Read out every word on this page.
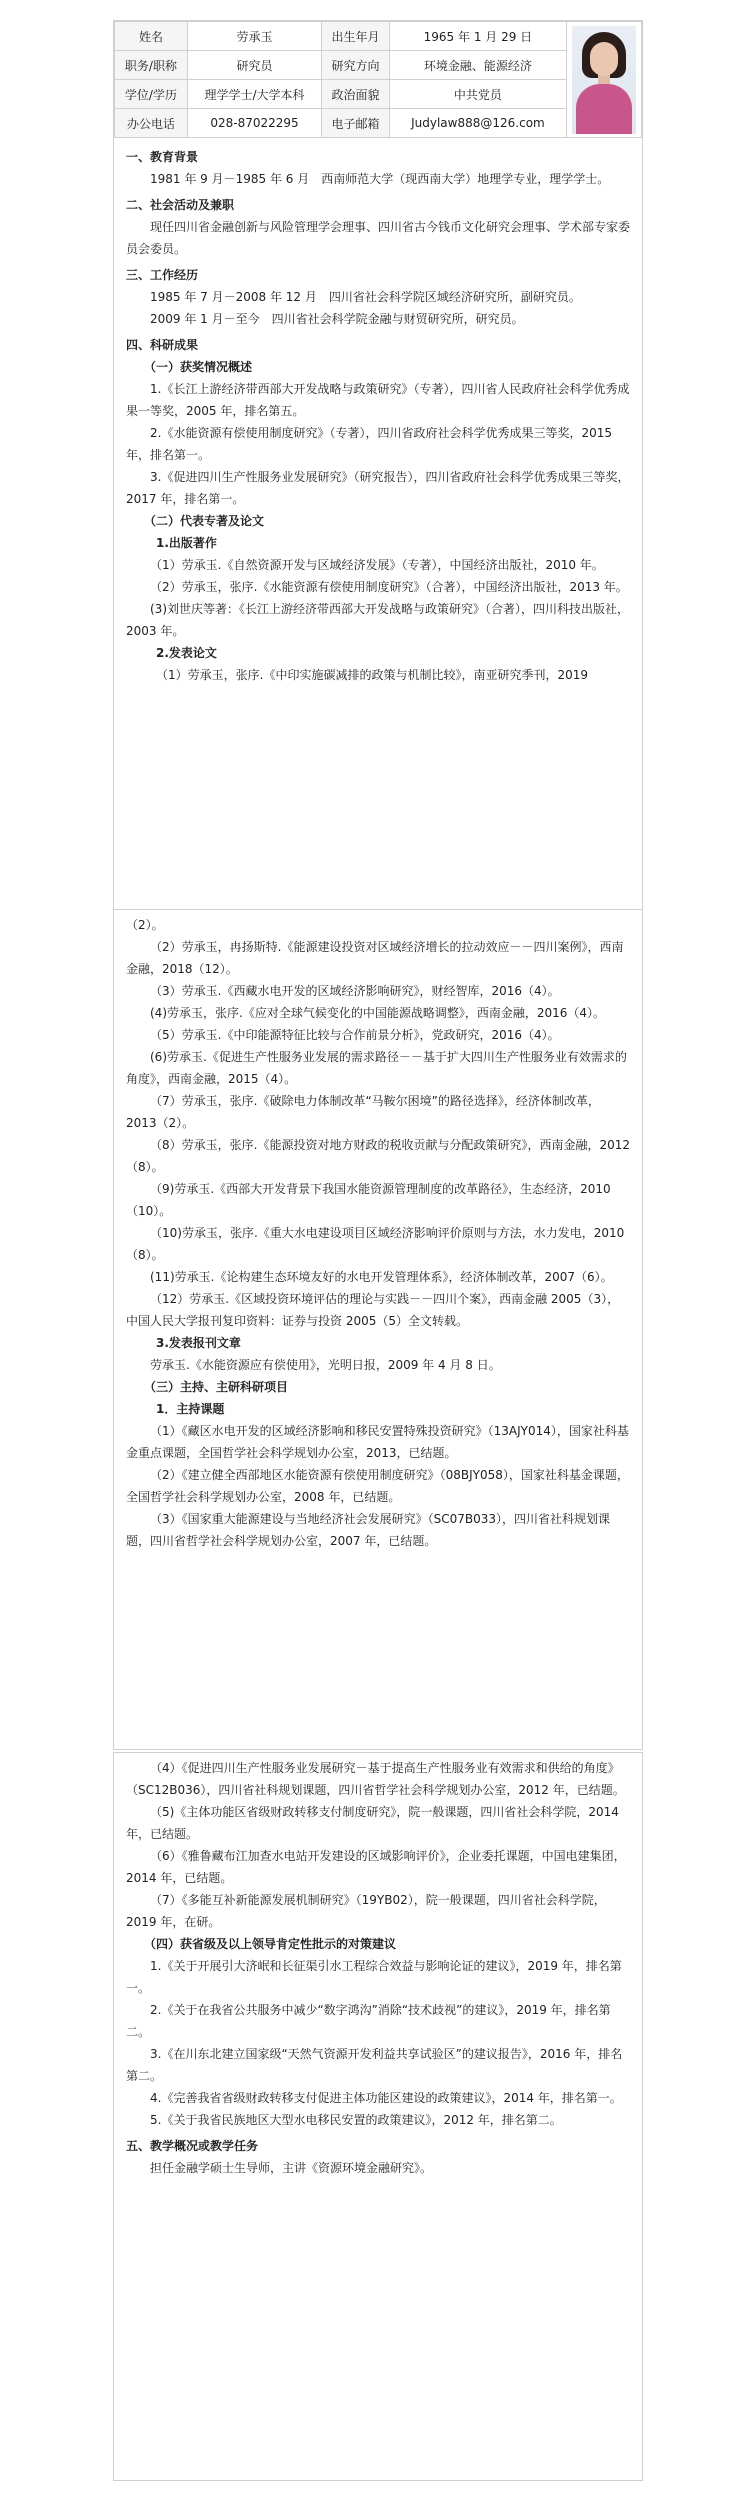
姓名	劳承玉	出生年月	1965 年 1 月 29 日	

职务/职称	研究员	研究方向	环境金融、能源经济	
学位/学历	理学学士/大学本科	政治面貌	中共党员	
办公电话	028-87022295	电子邮箱	Judylaw888@126.com	

一、教育背景

1981 年 9 月－1985 年 6 月　西南师范大学（现西南大学）地理学专业，理学学士。

二、社会活动及兼职

现任四川省金融创新与风险管理学会理事、四川省古今钱币文化研究会理事、学术部专家委员会委员。

三、工作经历

1985 年 7 月－2008 年 12 月　四川省社会科学院区域经济研究所，副研究员。

2009 年 1 月－至今　四川省社会科学院金融与财贸研究所，研究员。

四、科研成果

（一）获奖情况概述

1.《长江上游经济带西部大开发战略与政策研究》（专著），四川省人民政府社会科学优秀成果一等奖，2005 年，排名第五。

2.《水能资源有偿使用制度研究》（专著），四川省政府社会科学优秀成果三等奖，2015 年，排名第一。

3.《促进四川生产性服务业发展研究》（研究报告），四川省政府社会科学优秀成果三等奖，2017 年，排名第一。

（二）代表专著及论文

1.出版著作

（1）劳承玉.《自然资源开发与区域经济发展》（专著），中国经济出版社，2010 年。

（2）劳承玉，张序.《水能资源有偿使用制度研究》（合著），中国经济出版社，2013 年。

(3)刘世庆等著：《长江上游经济带西部大开发战略与政策研究》（合著），四川科技出版社，2003 年。

2.发表论文

（1）劳承玉，张序.《中印实施碳减排的政策与机制比较》，南亚研究季刊，2019

（2）。

（2）劳承玉，冉扬斯特.《能源建设投资对区域经济增长的拉动效应－－四川案例》，西南金融，2018（12）。

（3）劳承玉.《西藏水电开发的区域经济影响研究》，财经智库，2016（4）。

(4)劳承玉，张序.《应对全球气候变化的中国能源战略调整》，西南金融，2016（4）。

（5）劳承玉.《中印能源特征比较与合作前景分析》，党政研究，2016（4）。

(6)劳承玉.《促进生产性服务业发展的需求路径－－基于扩大四川生产性服务业有效需求的角度》，西南金融，2015（4）。

（7）劳承玉，张序.《破除电力体制改革“马鞍尔困境”的路径选择》，经济体制改革，2013（2）。

（8）劳承玉，张序.《能源投资对地方财政的税收贡献与分配政策研究》，西南金融，2012（8）。

（9)劳承玉.《西部大开发背景下我国水能资源管理制度的改革路径》，生态经济，2010（10）。

（10)劳承玉，张序.《重大水电建设项目区域经济影响评价原则与方法，水力发电，2010（8）。

(11)劳承玉.《论构建生态环境友好的水电开发管理体系》，经济体制改革，2007（6）。

（12）劳承玉.《区域投资环境评估的理论与实践－－四川个案》，西南金融 2005（3），中国人民大学报刊复印资料：证券与投资 2005（5）全文转载。

3.发表报刊文章

劳承玉.《水能资源应有偿使用》，光明日报，2009 年 4 月 8 日。

（三）主持、主研科研项目

1．主持课题

（1）《藏区水电开发的区域经济影响和移民安置特殊投资研究》（13AJY014），国家社科基金重点课题，全国哲学社会科学规划办公室，2013，已结题。

（2）《建立健全西部地区水能资源有偿使用制度研究》（08BJY058），国家社科基金课题，全国哲学社会科学规划办公室，2008 年，已结题。

（3）《国家重大能源建设与当地经济社会发展研究》（SC07B033），四川省社科规划课题，四川省哲学社会科学规划办公室，2007 年，已结题。

（4）《促进四川生产性服务业发展研究－基于提高生产性服务业有效需求和供给的角度》（SC12B036），四川省社科规划课题，四川省哲学社会科学规划办公室，2012 年，已结题。

（5)《主体功能区省级财政转移支付制度研究》，院一般课题，四川省社会科学院，2014 年，已结题。

（6）《雅鲁藏布江加查水电站开发建设的区域影响评价》，企业委托课题，中国电建集团，2014 年，已结题。

（7）《多能互补新能源发展机制研究》（19YB02），院一般课题，四川省社会科学院，2019 年，在研。

（四）获省级及以上领导肯定性批示的对策建议

1.《关于开展引大济岷和长征渠引水工程综合效益与影响论证的建议》，2019 年，排名第一。

2.《关于在我省公共服务中减少“数字鸿沟”消除“技术歧视”的建议》，2019 年，排名第二。

3.《在川东北建立国家级“天然气资源开发利益共享试验区”的建议报告》，2016 年，排名第二。

4.《完善我省省级财政转移支付促进主体功能区建设的政策建议》，2014 年，排名第一。

5.《关于我省民族地区大型水电移民安置的政策建议》，2012 年，排名第二。

五、教学概况或教学任务

担任金融学硕士生导师，主讲《资源环境金融研究》。
